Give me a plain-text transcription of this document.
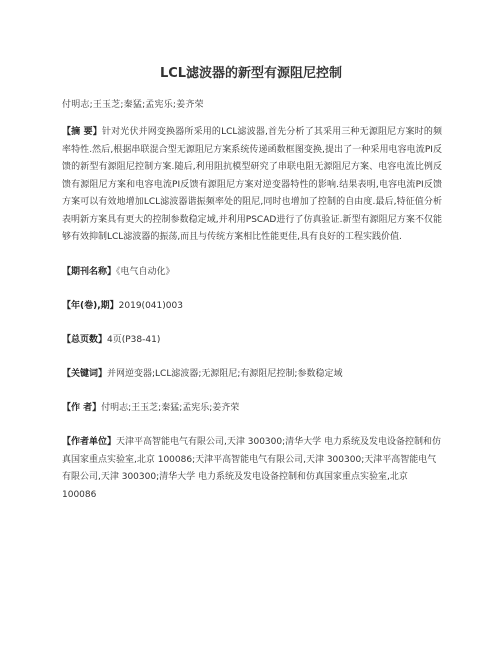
LCL滤波器的新型有源阻尼控制
付明志;王玉芝;秦猛;孟宪乐;姜齐荣

【摘 要】针对光伏并网变换器所采用的LCL滤波器,首先分析了其采用三种无源阻尼方案时的频率特性.然后,根据串联混合型无源阻尼方案系统传递函数框图变换,提出了一种采用电容电流PI反馈的新型有源阻尼控制方案.随后,利用阻抗模型研究了串联电阻无源阻尼方案、电容电流比例反馈有源阻尼方案和电容电流PI反馈有源阻尼方案对逆变器特性的影响.结果表明,电容电流PI反馈方案可以有效地增加LCL滤波器谐振频率处的阻尼,同时也增加了控制的自由度.最后,特征值分析表明新方案具有更大的控制参数稳定域,并利用PSCAD进行了仿真验证.新型有源阻尼方案不仅能够有效抑制LCL滤波器的振荡,而且与传统方案相比性能更佳,具有良好的工程实践价值.

【期刊名称】《电气自动化》

【年(卷),期】2019(041)003

【总页数】4页(P38-41)

【关键词】并网逆变器;LCL滤波器;无源阻尼;有源阻尼控制;参数稳定域

【作 者】付明志;王玉芝;秦猛;孟宪乐;姜齐荣

【作者单位】天津平高智能电气有限公司,天津 300300;清华大学 电力系统及发电设备控制和仿真国家重点实验室,北京 100086;天津平高智能电气有限公司,天津 300300;天津平高智能电气有限公司,天津 300300;清华大学 电力系统及发电设备控制和仿真国家重点实验室,北京 100086
